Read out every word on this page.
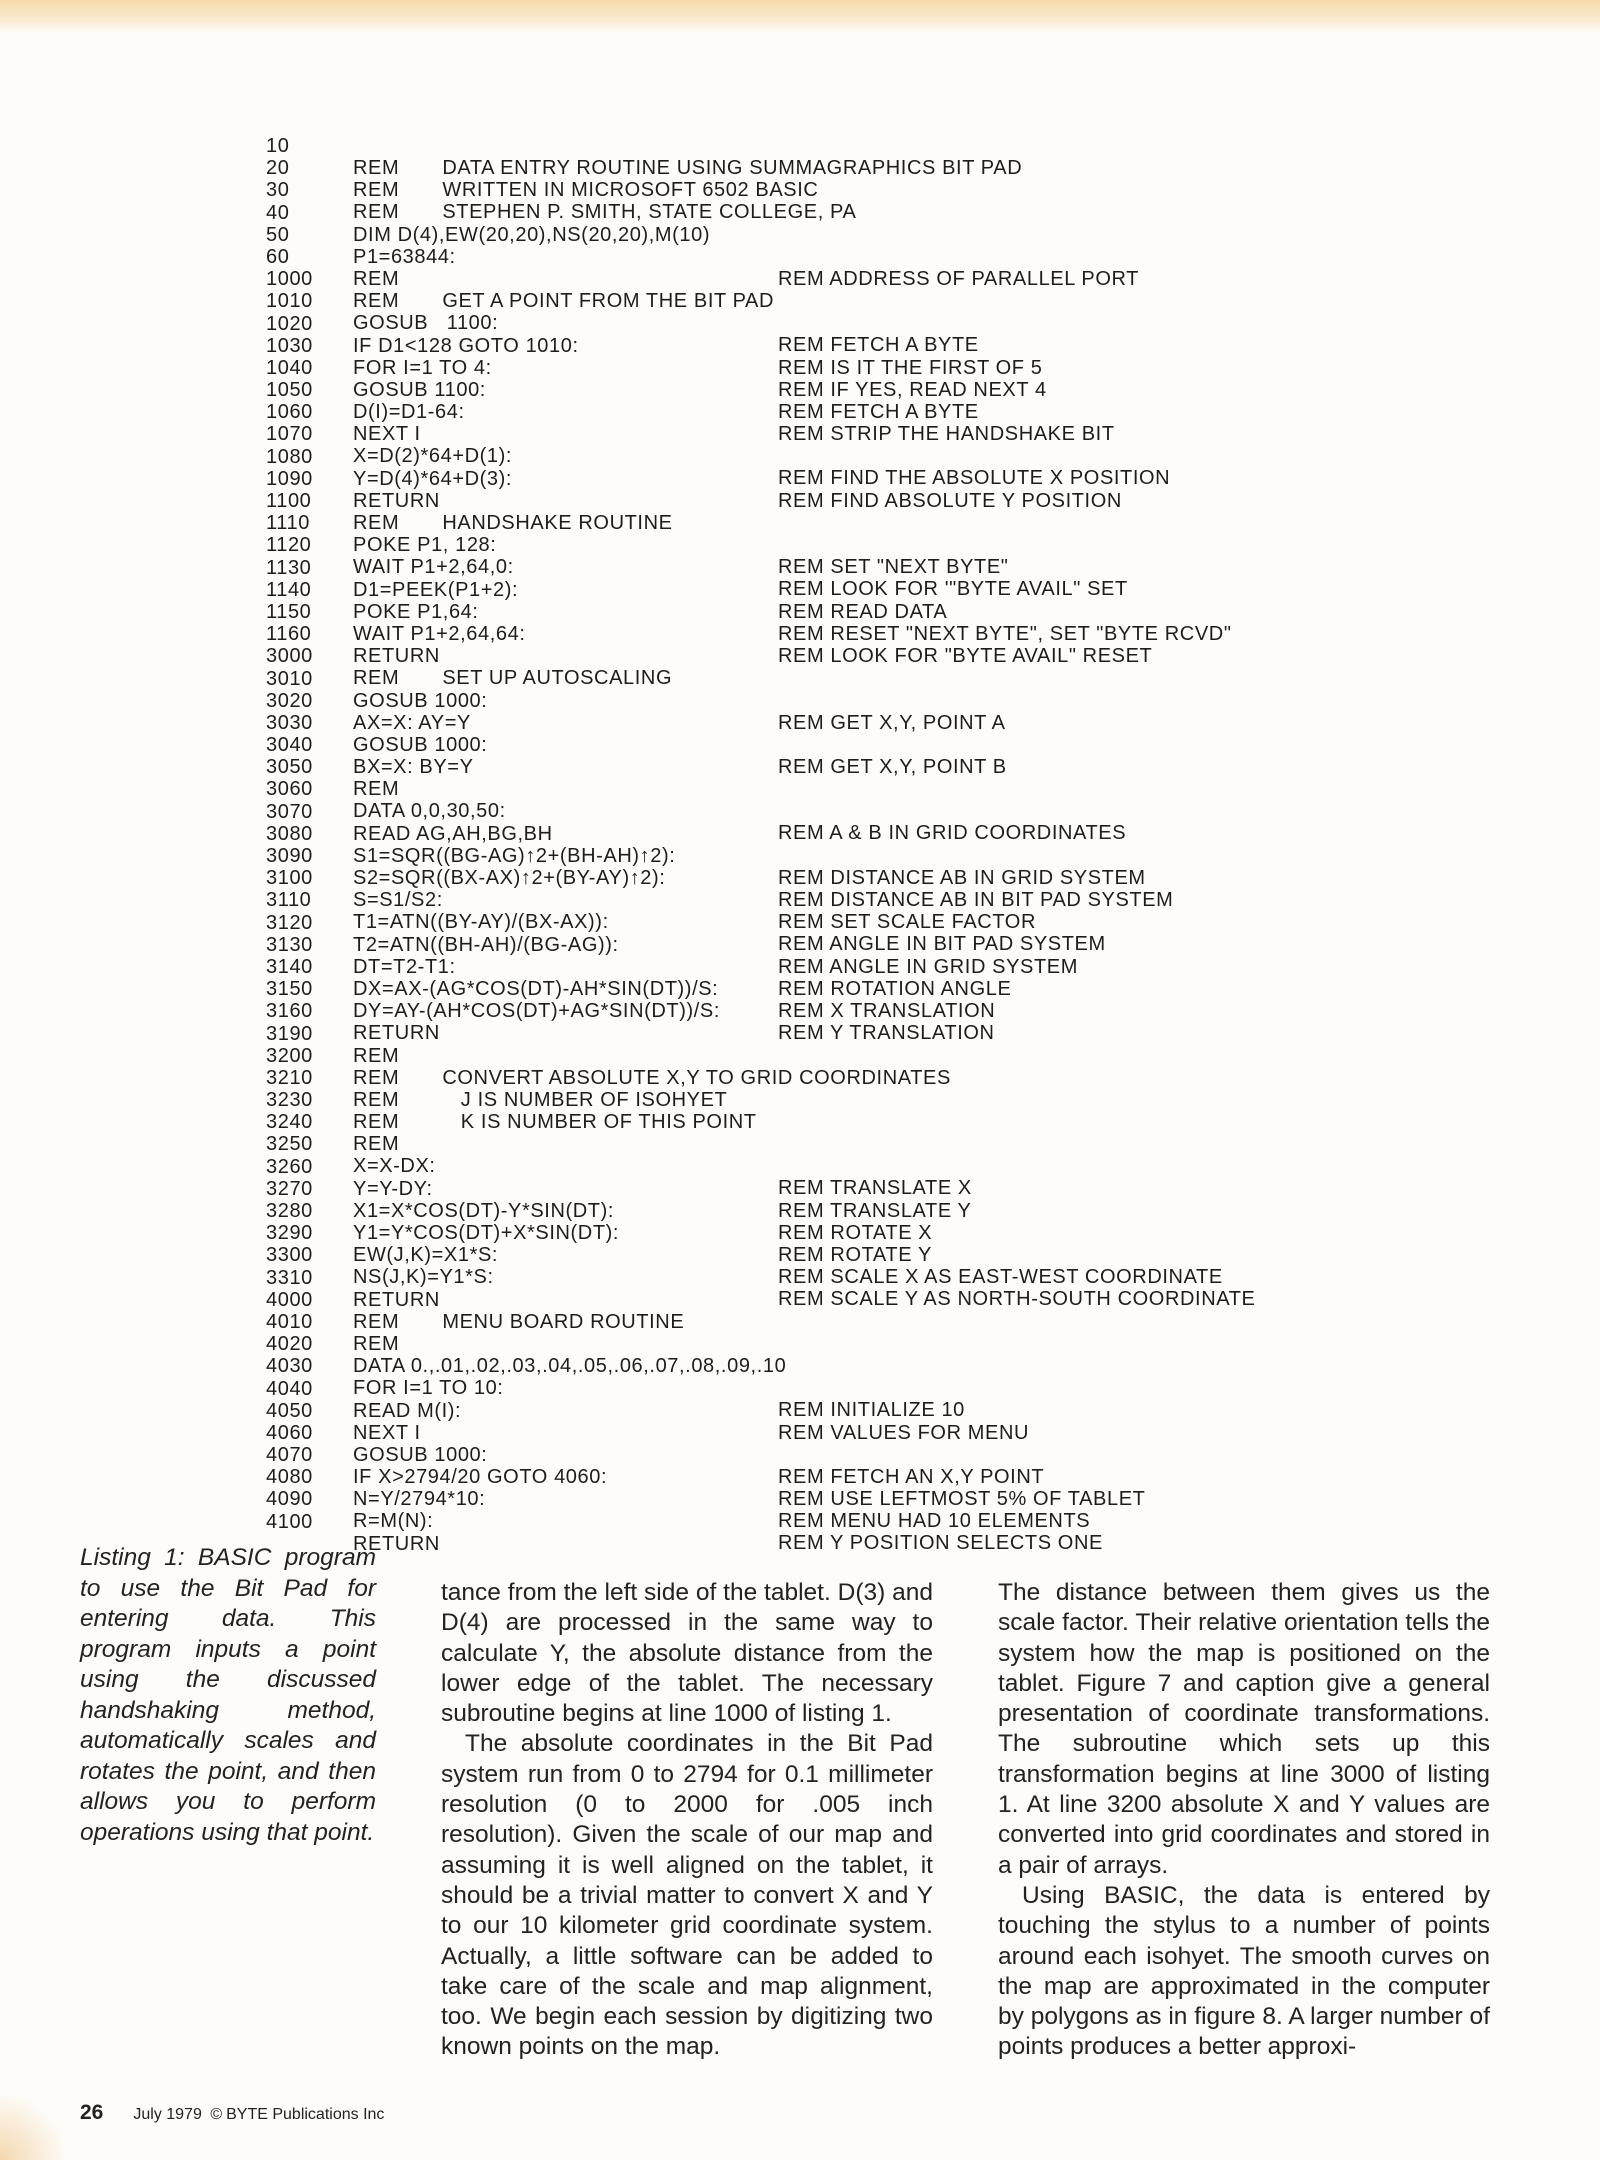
10

REM       DATA ENTRY ROUTINE USING SUMMAGRAPHICS BIT PAD

20

REM       WRITTEN IN MICROSOFT 6502 BASIC

30

REM       STEPHEN P. SMITH, STATE COLLEGE, PA

40

DIM D(4),EW(20,20),NS(20,20),M(10)

50

P1=63844:

REM ADDRESS OF PARALLEL PORT

60

REM

1000

REM       GET A POINT FROM THE BIT PAD

1010

GOSUB   1100:

REM FETCH A BYTE

1020

IF D1<128 GOTO 1010:

REM IS IT THE FIRST OF 5

1030

FOR I=1 TO 4:

REM IF YES, READ NEXT 4

1040

GOSUB 1100:

REM FETCH A BYTE

1050

D(I)=D1-64:

REM STRIP THE HANDSHAKE BIT

1060

NEXT I

1070

X=D(2)*64+D(1):

REM FIND THE ABSOLUTE X POSITION

1080

Y=D(4)*64+D(3):

REM FIND ABSOLUTE Y POSITION

1090

RETURN

1100

REM       HANDSHAKE ROUTINE

1110

POKE P1, 128:

REM SET "NEXT BYTE"

1120

WAIT P1+2,64,0:

REM LOOK FOR '"BYTE AVAIL" SET

1130

D1=PEEK(P1+2):

REM READ DATA

1140

POKE P1,64:

REM RESET "NEXT BYTE", SET "BYTE RCVD"

1150

WAIT P1+2,64,64:

REM LOOK FOR "BYTE AVAIL" RESET

1160

RETURN

3000

REM       SET UP AUTOSCALING

3010

GOSUB 1000:

REM GET X,Y, POINT A

3020

AX=X: AY=Y

3030

GOSUB 1000:

REM GET X,Y, POINT B

3040

BX=X: BY=Y

3050

REM

3060

DATA 0,0,30,50:

REM A & B IN GRID COORDINATES

3070

READ AG,AH,BG,BH

3080

S1=SQR((BG-AG)↑2+(BH-AH)↑2):

REM DISTANCE AB IN GRID SYSTEM

3090

S2=SQR((BX-AX)↑2+(BY-AY)↑2):

REM DISTANCE AB IN BIT PAD SYSTEM

3100

S=S1/S2:

REM SET SCALE FACTOR

3110

T1=ATN((BY-AY)/(BX-AX)):

REM ANGLE IN BIT PAD SYSTEM

3120

T2=ATN((BH-AH)/(BG-AG)):

REM ANGLE IN GRID SYSTEM

3130

DT=T2-T1:

REM ROTATION ANGLE

3140

DX=AX-(AG*COS(DT)-AH*SIN(DT))/S:

REM X TRANSLATION

3150

DY=AY-(AH*COS(DT)+AG*SIN(DT))/S:

REM Y TRANSLATION

3160

RETURN

3190

REM

3200

REM       CONVERT ABSOLUTE X,Y TO GRID COORDINATES

3210

REM          J IS NUMBER OF ISOHYET

3230

REM          K IS NUMBER OF THIS POINT

3240

REM

3250

X=X-DX:

REM TRANSLATE X

3260

Y=Y-DY:

REM TRANSLATE Y

3270

X1=X*COS(DT)-Y*SIN(DT):

REM ROTATE X

3280

Y1=Y*COS(DT)+X*SIN(DT):

REM ROTATE Y

3290

EW(J,K)=X1*S:

REM SCALE X AS EAST-WEST COORDINATE

3300

NS(J,K)=Y1*S:

REM SCALE Y AS NORTH-SOUTH COORDINATE

3310

RETURN

4000

REM       MENU BOARD ROUTINE

4010

REM

4020

DATA 0.,.01,.02,.03,.04,.05,.06,.07,.08,.09,.10

4030

FOR I=1 TO 10:

REM INITIALIZE 10

4040

READ M(I):

REM VALUES FOR MENU

4050

NEXT I

4060

GOSUB 1000:

REM FETCH AN X,Y POINT

4070

IF X>2794/20 GOTO 4060:

REM USE LEFTMOST 5% OF TABLET

4080

N=Y/2794*10:

REM MENU HAD 10 ELEMENTS

4090

R=M(N):

REM Y POSITION SELECTS ONE

4100

RETURN

Listing 1: BASIC program to use the Bit Pad for entering data. This program inputs a point using the discussed handshaking method, automatically scales and rotates the point, and then allows you to perform operations using that point.

tance from the left side of the tablet. D(3) and D(4) are processed in the same way to calculate Y, the absolute distance from the lower edge of the tablet. The necessary subroutine begins at line 1000 of listing 1.

The absolute coordinates in the Bit Pad system run from 0 to 2794 for 0.1 millimeter resolution (0 to 2000 for .005 inch resolution). Given the scale of our map and assuming it is well aligned on the tablet, it should be a trivial matter to convert X and Y to our 10 kilometer grid coordinate system. Actually, a little software can be added to take care of the scale and map alignment, too. We begin each session by digitizing two known points on the map.

The distance between them gives us the scale factor. Their relative orientation tells the system how the map is positioned on the tablet. Figure 7 and caption give a general presentation of coordinate transformations. The subroutine which sets up this transformation begins at line 3000 of listing 1. At line 3200 absolute X and Y values are converted into grid coordinates and stored in a pair of arrays.

Using BASIC, the data is entered by touching the stylus to a number of points around each isohyet. The smooth curves on the map are approximated in the computer by polygons as in figure 8. A larger number of points produces a better approxi-

26 July 1979 © BYTE Publications Inc
